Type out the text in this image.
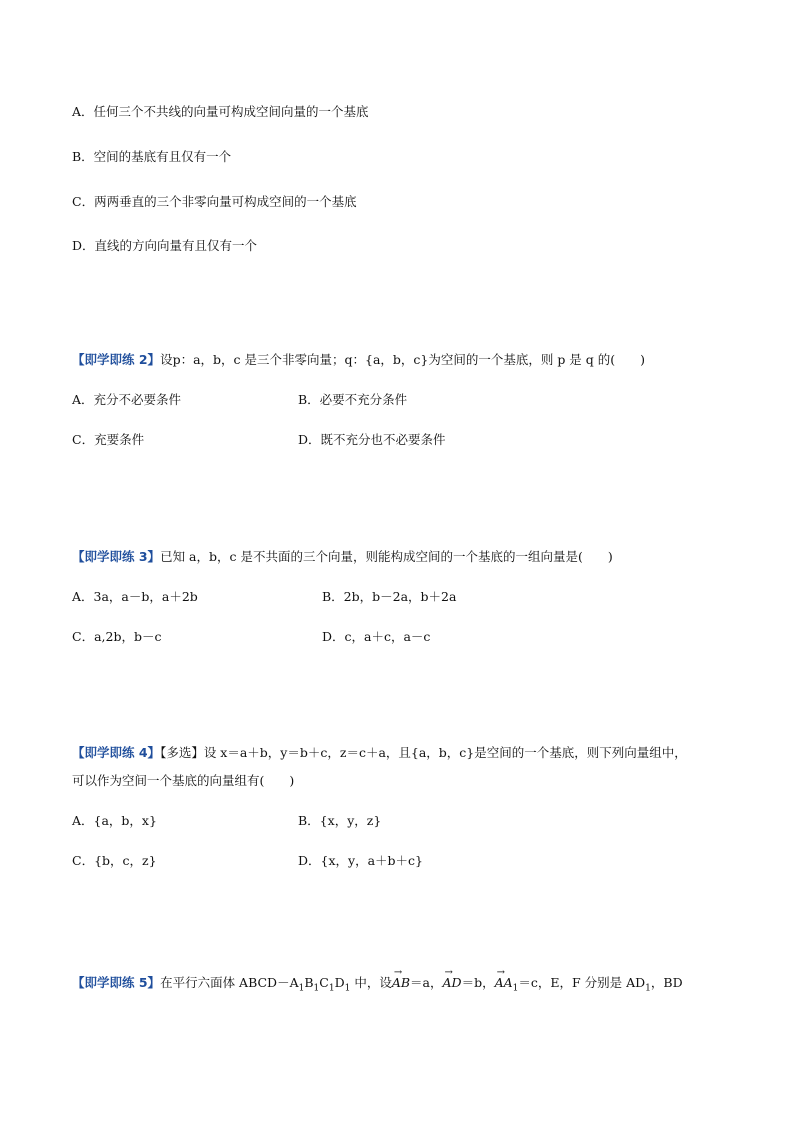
A．任何三个不共线的向量可构成空间向量的一个基底
B．空间的基底有且仅有一个
C．两两垂直的三个非零向量可构成空间的一个基底
D．直线的方向向量有且仅有一个
【即学即练 2】设p：a，b，c 是三个非零向量；q：{a，b，c}为空间的一个基底，则 p 是 q 的(　　)
A．充分不必要条件	B．必要不充分条件
C．充要条件	D．既不充分也不必要条件
【即学即练 3】已知 a，b，c 是不共面的三个向量，则能构成空间的一个基底的一组向量是(　　)
A．3a，a－b，a＋2b	B．2b，b－2a，b＋2a
C．a,2b，b－c	D．c，a＋c，a－c
【即学即练 4】【多选】设 x＝a＋b，y＝b＋c，z＝c＋a，且{a，b，c}是空间的一个基底，则下列向量组中，
可以作为空间一个基底的向量组有(　　)
A．{a，b，x}	B．{x，y，z}
C．{b，c，z}	D．{x，y，a＋b＋c}
【即学即练 5】在平行六面体 $ABCD-A_1B_1C_1D_1$ 中，设→ AB＝a，→ AD＝b，→ $AA_1=c$，E，F 分别是 $AD_1$，BD
